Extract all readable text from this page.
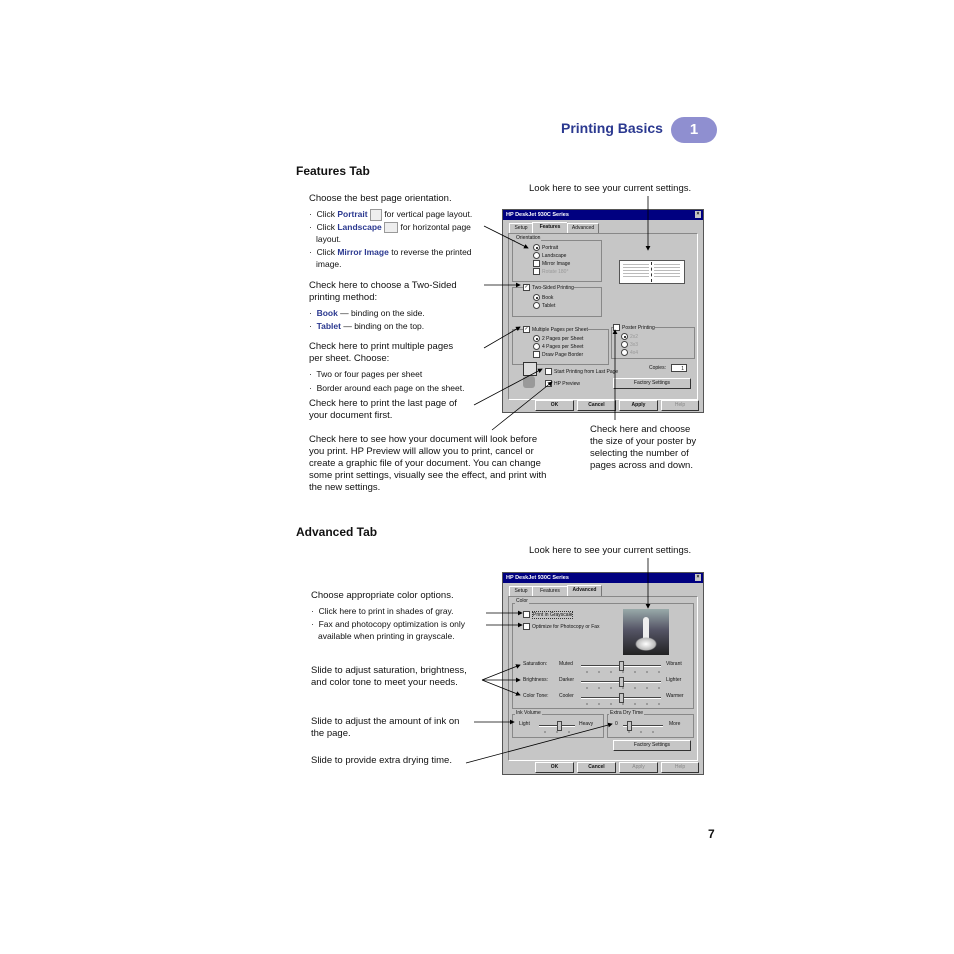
Printing Basics	1
Features Tab
Look here to see your current settings.
Choose the best page orientation.
·  Click Portrait  for vertical page layout.
·  Click Landscape  for horizontal page
layout.
·  Click Mirror Image to reverse the printed
image.
Check here to choose a Two-Sided
printing method:
·  Book — binding on the side.
·  Tablet — binding on the top.
Check here to print multiple pages
per sheet. Choose:
·  Two or four pages per sheet
·  Border around each page on the sheet.
Check here to print the last page of
your document first.
Check here to see how your document will look before
you print. HP Preview will allow you to print, cancel or
create a graphic file of your document. You can change
some print settings, visually see the effect, and print with
the new settings.
Check here and choose
the size of your poster by
selecting the number of
pages across and down.
HP DeskJet 930C Series	×
Setup	Features	Advanced
Orientation
Portrait
Landscape
Mirror Image
Rotate 180°
✓ Two-Sided Printing
Book
Tablet
✓ Multiple Pages per Sheet
2 Pages per Sheet
4 Pages per Sheet
Draw Page Border
Start Printing from Last Page
HP Preview
Poster Printing
2x2
3x3
4x4
Copies:	1
Factory Settings
OK	Cancel	Apply	Help
Advanced Tab
Look here to see your current settings.
Choose appropriate color options.
·  Click here to print in shades of gray.
·  Fax and photocopy optimization is only
available when printing in grayscale.
Slide to adjust saturation, brightness,
and color tone to meet your needs.
Slide to adjust the amount of ink on
the page.
Slide to provide extra drying time.
HP DeskJet 930C Series	×
Setup	Features	Advanced
Color
Print in Grayscale
Optimize for Photocopy or Fax
Saturation: Muted	Vibrant
Brightness: Darker	Lighter
Color Tone: Cooler	Warmer
Ink Volume
Light	Heavy
Extra Dry Time
0	More
Factory Settings
OK	Cancel	Apply	Help
7
